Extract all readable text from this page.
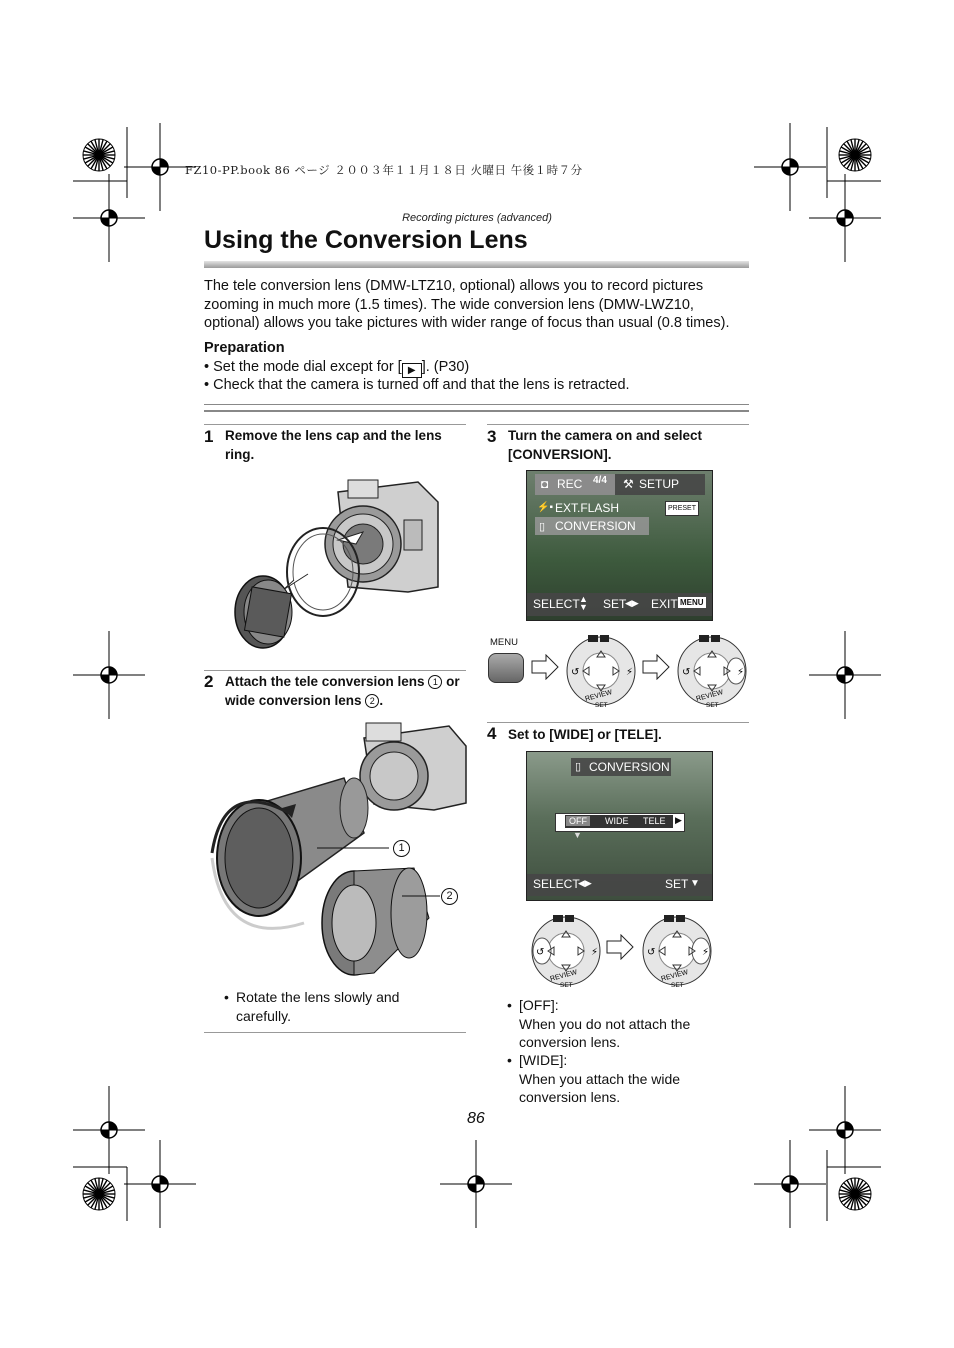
FZ10-PP.book 86 ページ ２００３年１１月１８日 火曜日 午後１時７分
Recording pictures (advanced)
Using the Conversion Lens
The tele conversion lens (DMW-LTZ10, optional) allows you to record pictures zooming in much more (1.5 times). The wide conversion lens (DMW-LWZ10, optional) allows you take pictures with wider range of focus than usual (0.8 times).
Preparation
• Set the mode dial except for [ ▶ ]. (P30)
• Check that the camera is turned off and that the lens is retracted.
1 Remove the lens cap and the lens ring.
2 Attach the tele conversion lens 1 or wide conversion lens 2 .
1
2
• Rotate the lens slowly and carefully.
3 Turn the camera on and select [CONVERSION].
◘ REC 4/4 ⚒ SETUP
⚡▪ EXT.FLASH	PRESET
▯ CONVERSION
SELECT ▲
▼ SET
◀▶ EXIT MENU
MENU
↺	⚡
REVIEW
SET
↺	⚡
REVIEW
SET
↺	⚡
REVIEW
SET
↺	⚡
REVIEW
SET
4 Set to [WIDE] or [TELE].
▯ CONVERSION
OFF	WIDE TELE ▶
▼
SELECT
◀▶	SET ▼
• [OFF]:
When you do not attach the conversion lens.
• [WIDE]:
When you attach the wide conversion lens.
86
